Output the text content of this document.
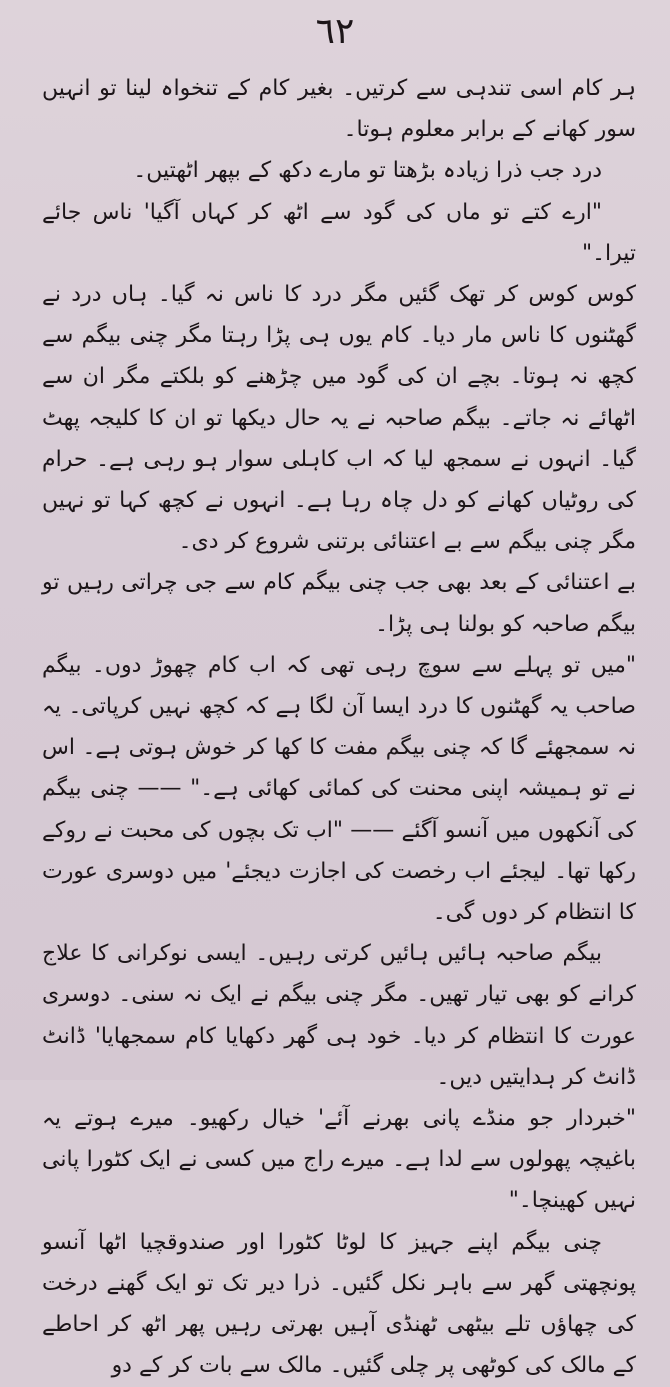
٦٢

ہر کام اسی تندہی سے کرتیں۔ بغیر کام کے تنخواہ لینا تو انہیں سور کھانے کے برابر معلوم ہوتا۔

درد جب ذرا زیادہ بڑھتا تو مارے دکھ کے بپھر اٹھتیں۔

"ارے کتے تو ماں کی گود سے اٹھ کر کہاں آگیا' ناس جائے تیرا۔"

کوس کوس کر تھک گئیں مگر درد کا ناس نہ گیا۔ ہاں درد نے گھٹنوں کا ناس مار دیا۔ کام یوں ہی پڑا رہتا مگر چنی بیگم سے کچھ نہ ہوتا۔ بچے ان کی گود میں چڑھنے کو بلکتے مگر ان سے اٹھائے نہ جاتے۔ بیگم صاحبہ نے یہ حال دیکھا تو ان کا کلیجہ پھٹ گیا۔ انہوں نے سمجھ لیا کہ اب کاہلی سوار ہو رہی ہے۔ حرام کی روٹیاں کھانے کو دل چاہ رہا ہے۔ انہوں نے کچھ کہا تو نہیں مگر چنی بیگم سے بے اعتنائی برتنی شروع کر دی۔

بے اعتنائی کے بعد بھی جب چنی بیگم کام سے جی چراتی رہیں تو بیگم صاحبہ کو بولنا ہی پڑا۔

"میں تو پہلے سے سوچ رہی تھی کہ اب کام چھوڑ دوں۔ بیگم صاحب یہ گھٹنوں کا درد ایسا آن لگا ہے کہ کچھ نہیں کرپاتی۔ یہ نہ سمجھئے گا کہ چنی بیگم مفت کا کھا کر خوش ہوتی ہے۔ اس نے تو ہمیشہ اپنی محنت کی کمائی کھائی ہے۔" —— چنی بیگم کی آنکھوں میں آنسو آگئے —— "اب تک بچوں کی محبت نے روکے رکھا تھا۔ لیجئے اب رخصت کی اجازت دیجئے' میں دوسری عورت کا انتظام کر دوں گی۔

بیگم صاحبہ ہائیں ہائیں کرتی رہیں۔ ایسی نوکرانی کا علاج کرانے کو بھی تیار تھیں۔ مگر چنی بیگم نے ایک نہ سنی۔ دوسری عورت کا انتظام کر دیا۔ خود ہی گھر دکھایا کام سمجھایا' ڈانٹ ڈانٹ کر ہدایتیں دیں۔

"خبردار جو منڈے پانی بھرنے آئے' خیال رکھیو۔ میرے ہوتے یہ باغیچہ پھولوں سے لدا ہے۔ میرے راج میں کسی نے ایک کٹورا پانی نہیں کھینچا۔"

چنی بیگم اپنے جہیز کا لوٹا کٹورا اور صندوقچیا اٹھا آنسو پونچھتی گھر سے باہر نکل گئیں۔ ذرا دیر تک تو ایک گھنے درخت کی چھاؤں تلے بیٹھی ٹھنڈی آہیں بھرتی رہیں پھر اٹھ کر احاطے کے مالک کی کوٹھی پر چلی گئیں۔ مالک سے بات کر کے دو
